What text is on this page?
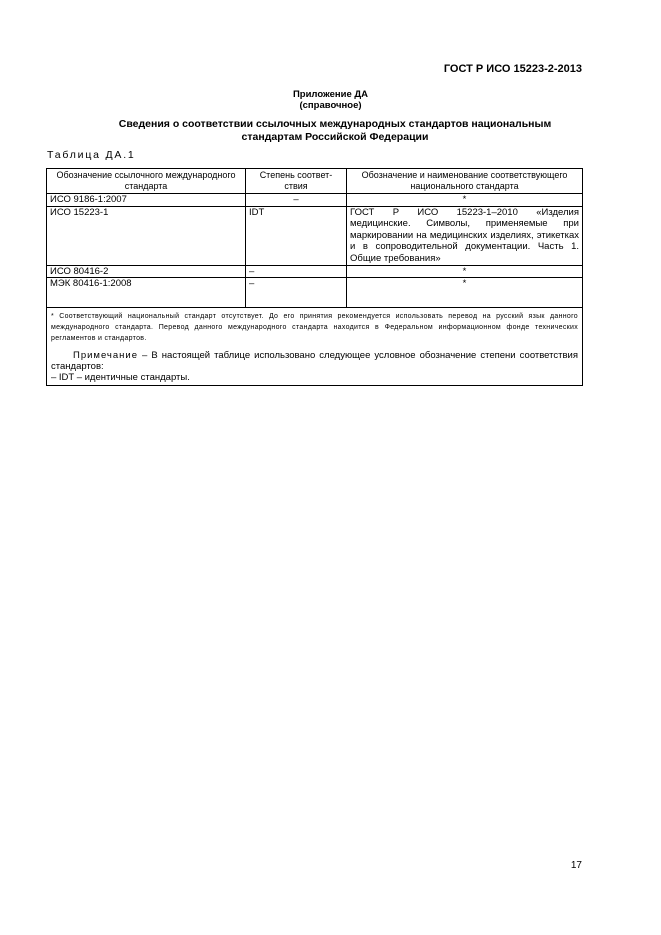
ГОСТ Р ИСО 15223-2-2013
Приложение ДА
(справочное)
Сведения о соответствии ссылочных международных стандартов национальным стандартам Российской Федерации
Таблица ДА.1
Обозначение ссылочного международного стандарта	Степень соответ-ствия	Обозначение и наименование соответствующего национального стандарта
ИСО 9186-1:2007	–	*
ИСО 15223-1	IDT	ГОСТ Р ИСО 15223-1–2010 «Изделия медицинские. Символы, применяемые при маркировании на медицинских изделиях, этикетках и в сопроводительной документации. Часть 1. Общие требования»
ИСО 80416-2	–	*
МЭК 80416-1:2008	–	*

* Соответствующий национальный стандарт отсутствует. До его принятия рекомендуется использовать перевод на русский язык данного международного стандарта. Перевод данного международного стандарта находится в Федеральном информационном фонде технических регламентов и стандартов.
Примечание – В настоящей таблице использовано следующее условное обозначение степени соответствия стандартов:
– IDT – идентичные стандарты.		
17
